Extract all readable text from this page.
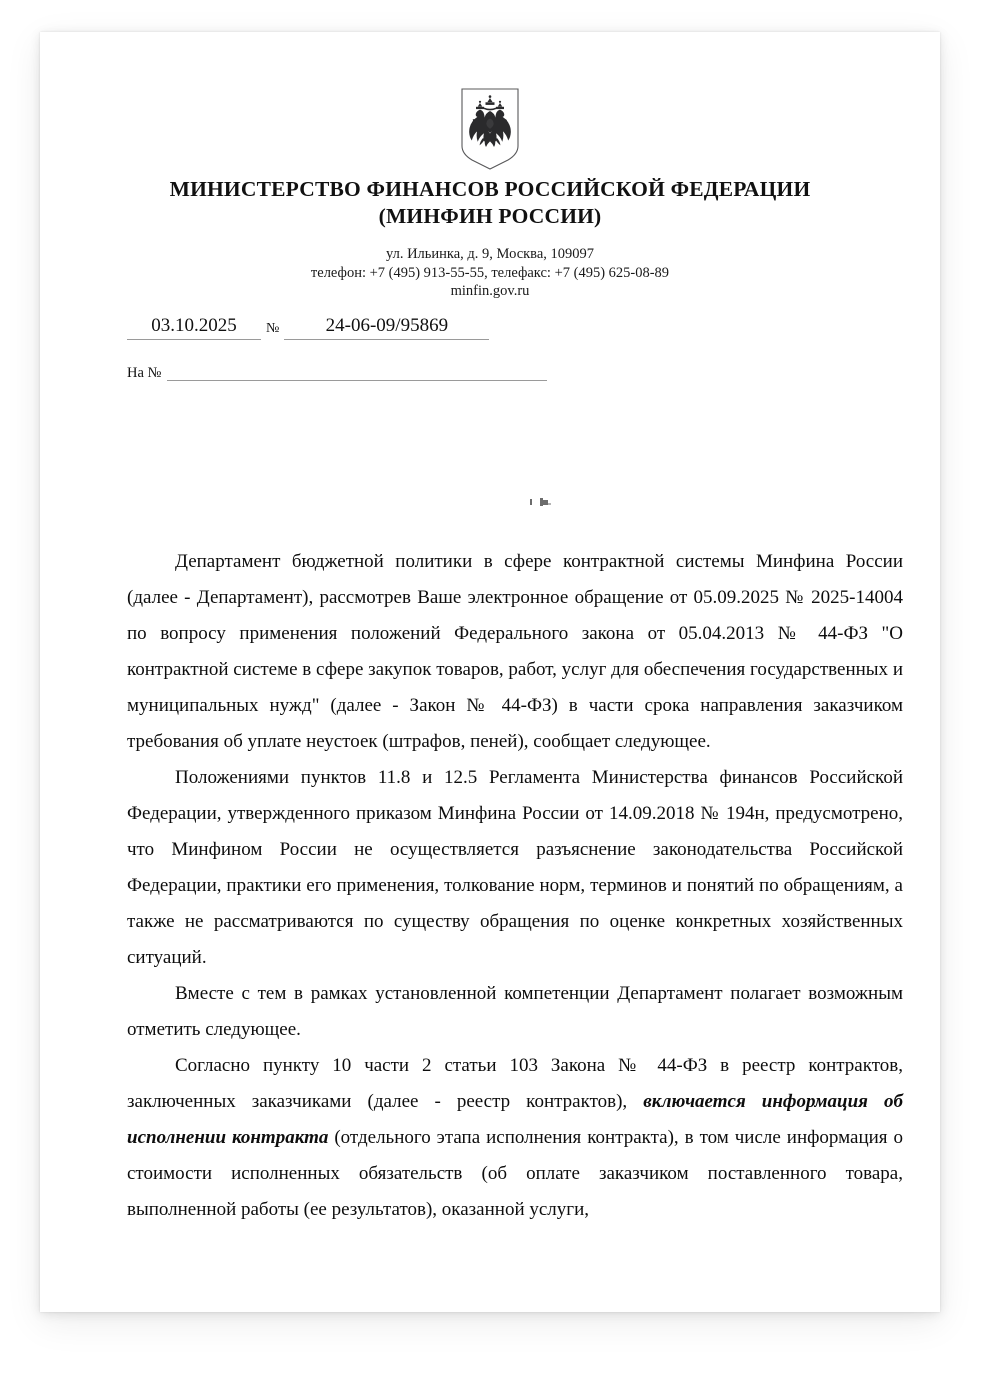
МИНИСТЕРСТВО ФИНАНСОВ РОССИЙСКОЙ ФЕДЕРАЦИИ
(МИНФИН РОССИИ)
ул. Ильинка, д. 9, Москва, 109097
телефон: +7 (495) 913-55-55, телефакс: +7 (495) 625-08-89
minfin.gov.ru
03.10.2025	№	24-06-09/95869
На №

Департамент бюджетной политики в сфере контрактной системы Минфина России (далее - Департамент), рассмотрев Ваше электронное обращение от 05.09.2025 № 2025-14004 по вопросу применения положений Федерального закона от 05.04.2013 № 44-ФЗ "О контрактной системе в сфере закупок товаров, работ, услуг для обеспечения государственных и муниципальных нужд" (далее - Закон № 44-ФЗ) в части срока направления заказчиком требования об уплате неустоек (штрафов, пеней), сообщает следующее.

Положениями пунктов 11.8 и 12.5 Регламента Министерства финансов Российской Федерации, утвержденного приказом Минфина России от 14.09.2018 № 194н, предусмотрено, что Минфином России не осуществляется разъяснение законодательства Российской Федерации, практики его применения, толкование норм, терминов и понятий по обращениям, а также не рассматриваются по существу обращения по оценке конкретных хозяйственных ситуаций.

Вместе с тем в рамках установленной компетенции Департамент полагает возможным отметить следующее.

Согласно пункту 10 части 2 статьи 103 Закона № 44-ФЗ в реестр контрактов, заключенных заказчиками (далее - реестр контрактов), включается информация об исполнении контракта (отдельного этапа исполнения контракта), в том числе информация о стоимости исполненных обязательств (об оплате заказчиком поставленного товара, выполненной работы (ее результатов), оказанной услуги,
